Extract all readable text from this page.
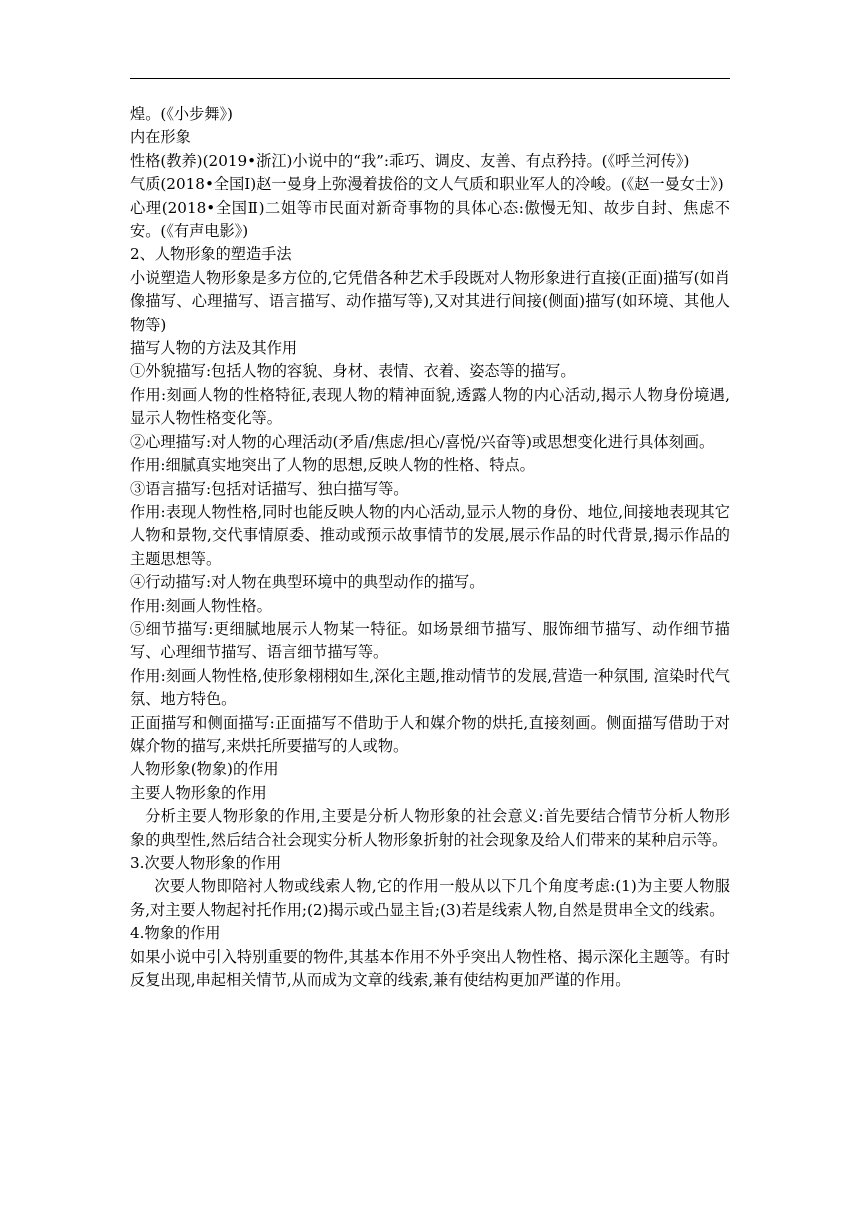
煌。(《小步舞》)

内在形象

性格(教养)(2019•浙江)小说中的“我”:乖巧、调皮、友善、有点矜持。(《呼兰河传》)

气质(2018•全国Ⅰ)赵一曼身上弥漫着拔俗的文人气质和职业军人的冷峻。(《赵一曼女士》)

心理(2018•全国Ⅱ)二姐等市民面对新奇事物的具体心态:傲慢无知、故步自封、焦虑不安。(《有声电影》)

2、人物形象的塑造手法

小说塑造人物形象是多方位的,它凭借各种艺术手段既对人物形象进行直接(正面)描写(如肖像描写、心理描写、语言描写、动作描写等),又对其进行间接(侧面)描写(如环境、其他人物等)

描写人物的方法及其作用

①外貌描写:包括人物的容貌、身材、表情、衣着、姿态等的描写。

作用:刻画人物的性格特征,表现人物的精神面貌,透露人物的内心活动,揭示人物身份境遇,显示人物性格变化等。

②心理描写:对人物的心理活动(矛盾/焦虑/担心/喜悦/兴奋等)或思想变化进行具体刻画。

作用:细腻真实地突出了人物的思想,反映人物的性格、特点。

③语言描写:包括对话描写、独白描写等。

作用:表现人物性格,同时也能反映人物的内心活动,显示人物的身份、地位,间接地表现其它人物和景物,交代事情原委、推动或预示故事情节的发展,展示作品的时代背景,揭示作品的主题思想等。

④行动描写:对人物在典型环境中的典型动作的描写。

作用:刻画人物性格。

⑤细节描写:更细腻地展示人物某一特征。如场景细节描写、服饰细节描写、动作细节描写、心理细节描写、语言细节描写等。

作用:刻画人物性格,使形象栩栩如生,深化主题,推动情节的发展,营造一种氛围, 渲染时代气氛、地方特色。

正面描写和侧面描写:正面描写不借助于人和媒介物的烘托,直接刻画。侧面描写借助于对媒介物的描写,来烘托所要描写的人或物。

人物形象(物象)的作用

主要人物形象的作用

分析主要人物形象的作用,主要是分析人物形象的社会意义:首先要结合情节分析人物形象的典型性,然后结合社会现实分析人物形象折射的社会现象及给人们带来的某种启示等。

3.次要人物形象的作用

次要人物即陪衬人物或线索人物,它的作用一般从以下几个角度考虑:(1)为主要人物服务,对主要人物起衬托作用;(2)揭示或凸显主旨;(3)若是线索人物,自然是贯串全文的线索。

4.物象的作用

如果小说中引入特别重要的物件,其基本作用不外乎突出人物性格、揭示深化主题等。有时反复出现,串起相关情节,从而成为文章的线索,兼有使结构更加严谨的作用。
